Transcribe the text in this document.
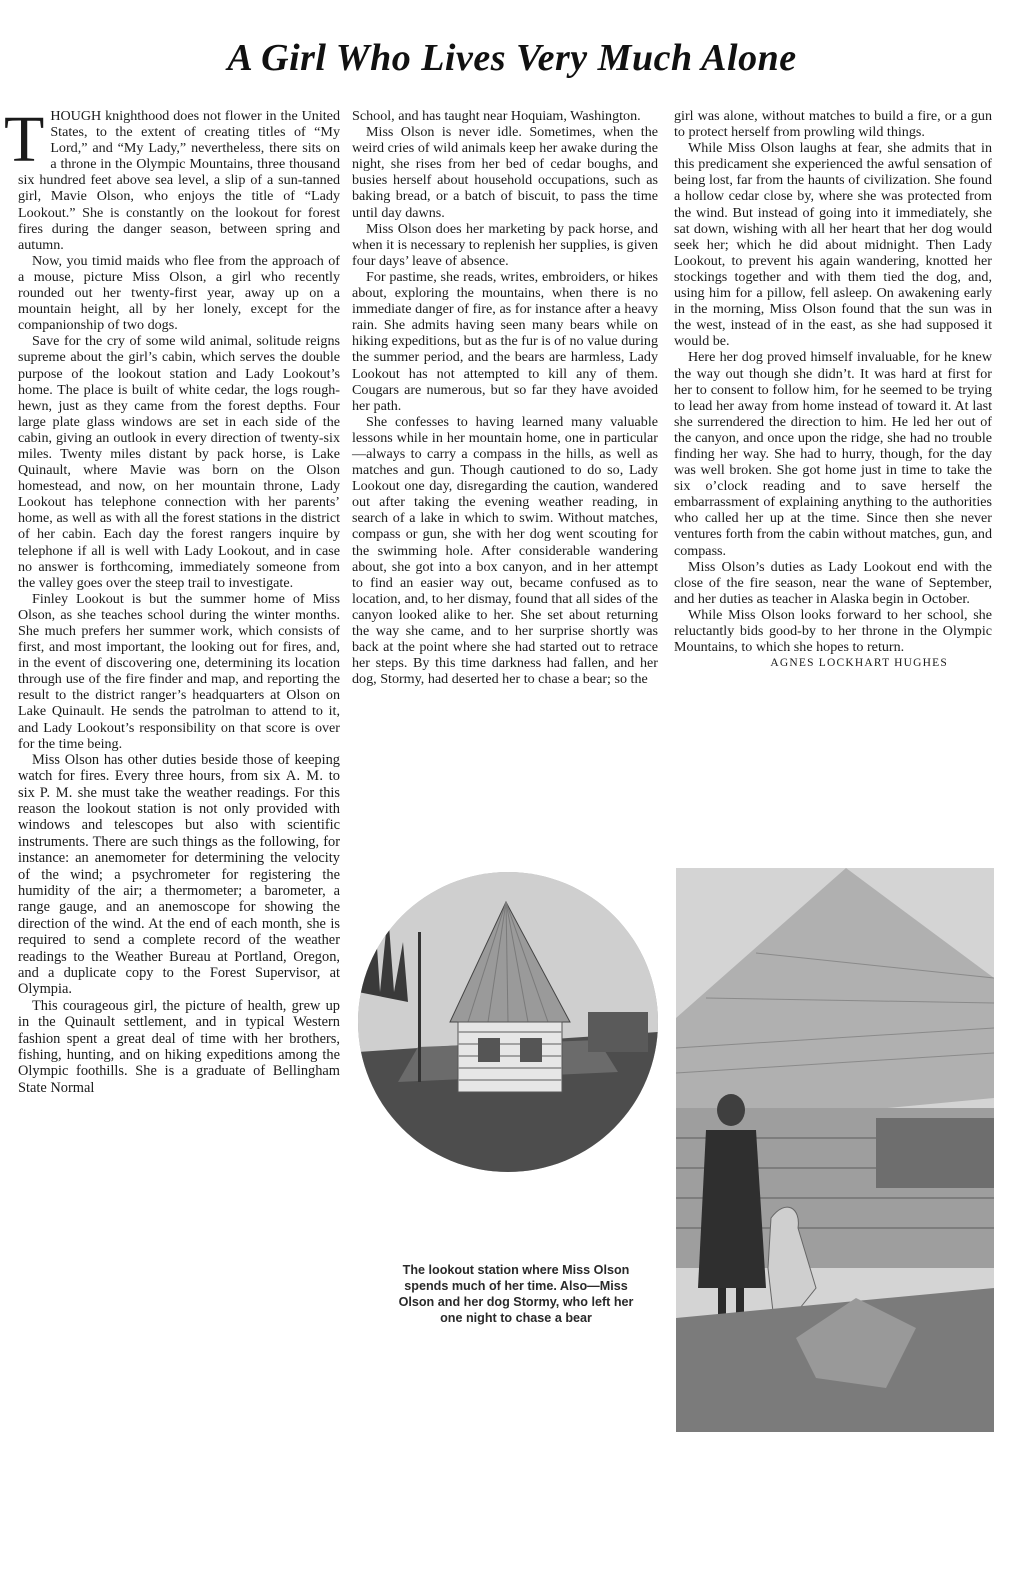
A Girl Who Lives Very Much Alone

THOUGH knighthood does not flower in the United States, to the extent of creating titles of “My Lord,” and “My Lady,” nevertheless, there sits on a throne in the Olympic Mountains, three thousand six hundred feet above sea level, a slip of a sun-tanned girl, Mavie Olson, who enjoys the title of “Lady Lookout.” She is constantly on the lookout for forest fires during the danger season, between spring and autumn.

Now, you timid maids who flee from the approach of a mouse, picture Miss Olson, a girl who recently rounded out her twenty-first year, away up on a mountain height, all by her lonely, except for the companionship of two dogs.

Save for the cry of some wild animal, solitude reigns supreme about the girl’s cabin, which serves the double purpose of the lookout station and Lady Lookout’s home. The place is built of white cedar, the logs rough-hewn, just as they came from the forest depths. Four large plate glass windows are set in each side of the cabin, giving an outlook in every direction of twenty-six miles. Twenty miles distant by pack horse, is Lake Quinault, where Mavie was born on the Olson homestead, and now, on her mountain throne, Lady Lookout has telephone connection with her parents’ home, as well as with all the forest stations in the district of her cabin. Each day the forest rangers inquire by telephone if all is well with Lady Lookout, and in case no answer is forthcoming, immediately someone from the valley goes over the steep trail to investigate.

Finley Lookout is but the summer home of Miss Olson, as she teaches school during the winter months. She much prefers her summer work, which consists of first, and most important, the looking out for fires, and, in the event of discovering one, determining its location through use of the fire finder and map, and reporting the result to the district ranger’s headquarters at Olson on Lake Quinault. He sends the patrolman to attend to it, and Lady Lookout’s responsibility on that score is over for the time being.

Miss Olson has other duties beside those of keeping watch for fires. Every three hours, from six A. M. to six P. M. she must take the weather readings. For this reason the lookout station is not only provided with windows and telescopes but also with scientific instruments. There are such things as the following, for instance: an anemometer for determining the velocity of the wind; a psychrometer for registering the humidity of the air; a thermometer; a barometer, a range gauge, and an anemoscope for showing the direction of the wind. At the end of each month, she is required to send a complete record of the weather readings to the Weather Bureau at Portland, Oregon, and a duplicate copy to the Forest Supervisor, at Olympia.

This courageous girl, the picture of health, grew up in the Quinault settlement, and in typical Western fashion spent a great deal of time with her brothers, fishing, hunting, and on hiking expeditions among the Olympic foothills. She is a graduate of Bellingham State Normal

School, and has taught near Hoquiam, Washington.

Miss Olson is never idle. Sometimes, when the weird cries of wild animals keep her awake during the night, she rises from her bed of cedar boughs, and busies herself about household occupations, such as baking bread, or a batch of biscuit, to pass the time until day dawns.

Miss Olson does her marketing by pack horse, and when it is necessary to replenish her supplies, is given four days’ leave of absence.

For pastime, she reads, writes, embroiders, or hikes about, exploring the mountains, when there is no immediate danger of fire, as for instance after a heavy rain. She admits having seen many bears while on hiking expeditions, but as the fur is of no value during the summer period, and the bears are harmless, Lady Lookout has not attempted to kill any of them. Cougars are numerous, but so far they have avoided her path.

She confesses to having learned many valuable lessons while in her mountain home, one in particular—always to carry a compass in the hills, as well as matches and gun. Though cautioned to do so, Lady Lookout one day, disregarding the caution, wandered out after taking the evening weather reading, in search of a lake in which to swim. Without matches, compass or gun, she with her dog went scouting for the swimming hole. After considerable wandering about, she got into a box canyon, and in her attempt to find an easier way out, became confused as to location, and, to her dismay, found that all sides of the canyon looked alike to her. She set about returning the way she came, and to her surprise shortly was back at the point where she had started out to retrace her steps. By this time darkness had fallen, and her dog, Stormy, had deserted her to chase a bear; so the

girl was alone, without matches to build a fire, or a gun to protect herself from prowling wild things.

While Miss Olson laughs at fear, she admits that in this predicament she experienced the awful sensation of being lost, far from the haunts of civilization. She found a hollow cedar close by, where she was protected from the wind. But instead of going into it immediately, she sat down, wishing with all her heart that her dog would seek her; which he did about midnight. Then Lady Lookout, to prevent his again wandering, knotted her stockings together and with them tied the dog, and, using him for a pillow, fell asleep. On awakening early in the morning, Miss Olson found that the sun was in the west, instead of in the east, as she had supposed it would be.

Here her dog proved himself invaluable, for he knew the way out though she didn’t. It was hard at first for her to consent to follow him, for he seemed to be trying to lead her away from home instead of toward it. At last she surrendered the direction to him. He led her out of the canyon, and once upon the ridge, she had no trouble finding her way. She had to hurry, though, for the day was well broken. She got home just in time to take the six o’clock reading and to save herself the embarrassment of explaining anything to the authorities who called her up at the time. Since then she never ventures forth from the cabin without matches, gun, and compass.

Miss Olson’s duties as Lady Lookout end with the close of the fire season, near the wane of September, and her duties as teacher in Alaska begin in October.

While Miss Olson looks forward to her school, she reluctantly bids good-by to her throne in the Olympic Mountains, to which she hopes to return.

AGNES LOCKHART HUGHES

The lookout station where Miss Olson spends much of her time. Also—Miss Olson and her dog Stormy, who left her one night to chase a bear
